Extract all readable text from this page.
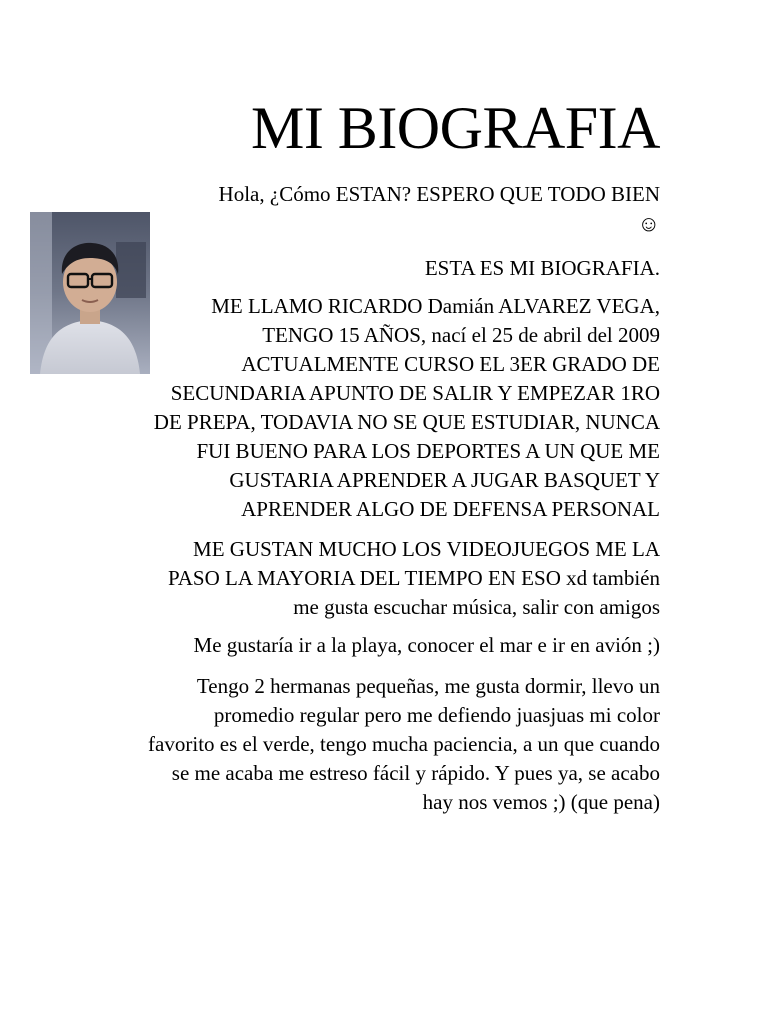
MI BIOGRAFIA
Hola, ¿Cómo ESTAN? ESPERO QUE TODO BIEN
☺

ESTA ES MI BIOGRAFIA.

ME LLAMO RICARDO Damián ALVAREZ VEGA,
TENGO 15 AÑOS, nací el 25 de abril del 2009
ACTUALMENTE CURSO EL 3ER GRADO DE
SECUNDARIA APUNTO DE SALIR Y EMPEZAR 1RO
DE PREPA, TODAVIA NO SE QUE ESTUDIAR, NUNCA
FUI BUENO PARA LOS DEPORTES A UN QUE ME
GUSTARIA APRENDER A JUGAR BASQUET Y
APRENDER ALGO DE DEFENSA PERSONAL

ME GUSTAN MUCHO LOS VIDEOJUEGOS ME LA
PASO LA MAYORIA DEL TIEMPO EN ESO xd también
me gusta escuchar música, salir con amigos

Me gustaría ir a la playa, conocer el mar e ir en avión ;)

Tengo 2 hermanas pequeñas, me gusta dormir, llevo un
promedio regular pero me defiendo juasjuas mi color
favorito es el verde, tengo mucha paciencia, a un que cuando
se me acaba me estreso fácil y rápido. Y pues ya, se acabo
hay nos vemos ;) (que pena)
